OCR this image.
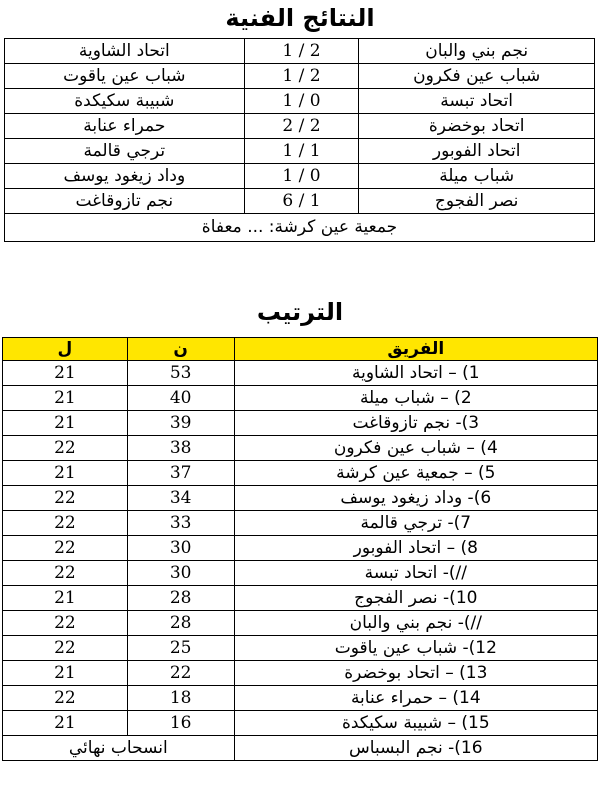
النتائج الفنية
اتحاد الشاوية	1 / 2	نجم بني والبان
شباب عين ياقوت	1 / 2	شباب عين فكرون
شبيبة سكيكدة	1 / 0	اتحاد تبسة
حمراء عنابة	2 / 2	اتحاد بوخضرة
ترجي قالمة	1 / 1	اتحاد الفوبور
وداد زيغود يوسف	1 / 0	شباب ميلة
نجم تازوقاغت	6 / 1	نصر الفجوج
جمعية عين كرشة: ... معفاة		
الترتيب
ل	ن	الفريق
21	53	1) – اتحاد الشاوية
21	40	2) – شباب ميلة
21	39	3)- نجم تازوقاغت
22	38	4) – شباب عين فكرون
21	37	5) – جمعية عين كرشة
22	34	6)- وداد زيغود يوسف
22	33	7)- ترجي قالمة
22	30	8) – اتحاد الفوبور
22	30	//)- اتحاد تبسة
21	28	10)- نصر الفجوج
22	28	//)- نجم بني والبان
22	25	12)- شباب عين ياقوت
21	22	13) – اتحاد بوخضرة
22	18	14) – حمراء عنابة
21	16	15) – شبيبة سكيكدة
انسحاب نهائي		16)- نجم البسباس
